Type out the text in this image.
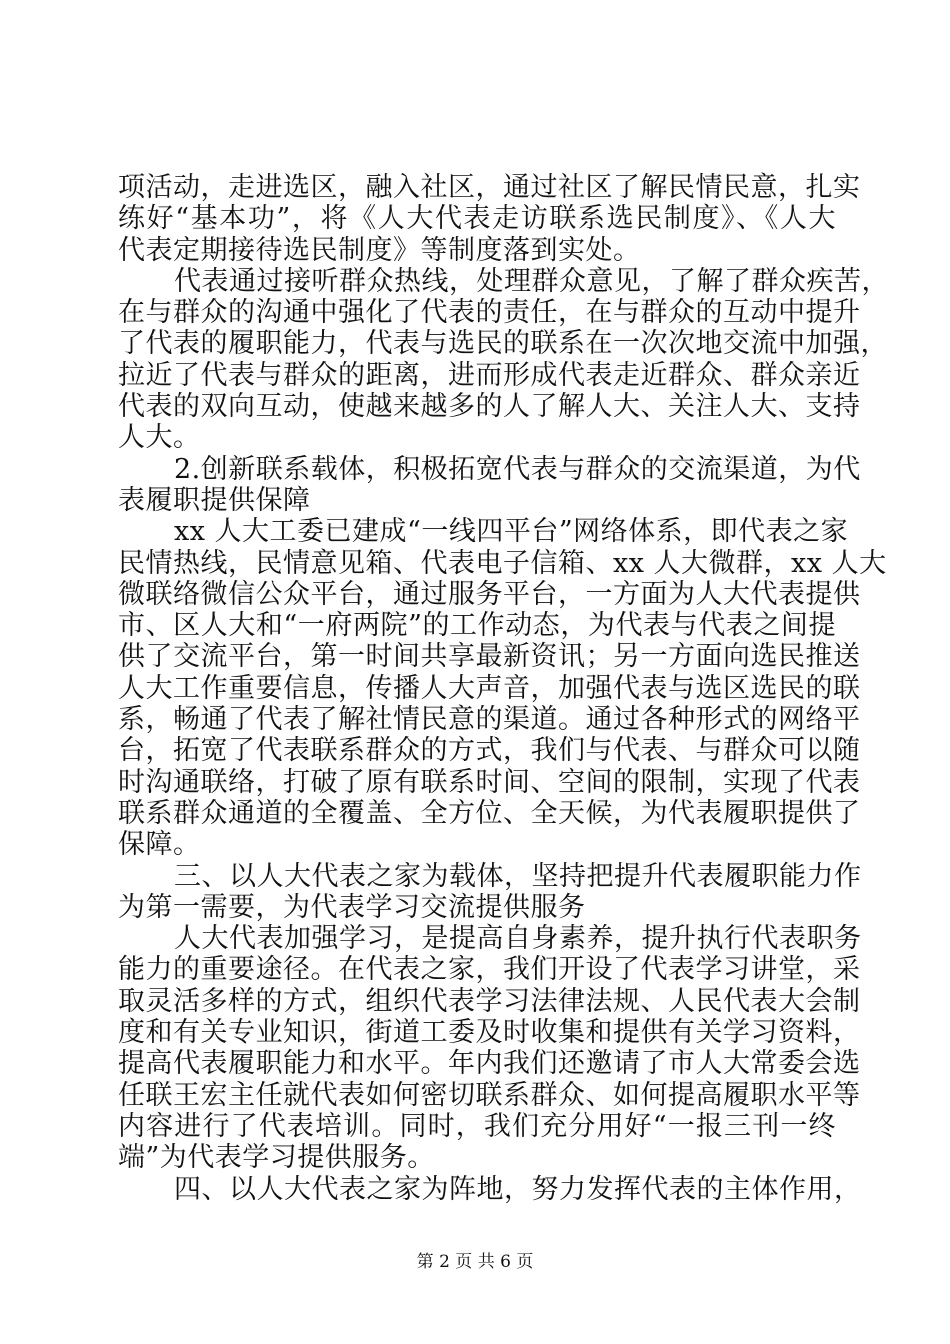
项活动，走进选区，融入社区，通过社区了解民情民意，扎实
练好“基本功”，将《人大代表走访联系选民制度》、《人大
代表定期接待选民制度》等制度落到实处。
代表通过接听群众热线，处理群众意见，了解了群众疾苦，
在与群众的沟通中强化了代表的责任，在与群众的互动中提升
了代表的履职能力，代表与选民的联系在一次次地交流中加强，
拉近了代表与群众的距离，进而形成代表走近群众、群众亲近
代表的双向互动，使越来越多的人了解人大、关注人大、支持
人大。
2.创新联系载体，积极拓宽代表与群众的交流渠道，为代
表履职提供保障
xx 人大工委已建成“一线四平台”网络体系，即代表之家
民情热线，民情意见箱、代表电子信箱、xx 人大微群，xx 人大
微联络微信公众平台，通过服务平台，一方面为人大代表提供
市、区人大和“一府两院”的工作动态，为代表与代表之间提
供了交流平台，第一时间共享最新资讯；另一方面向选民推送
人大工作重要信息，传播人大声音，加强代表与选区选民的联
系，畅通了代表了解社情民意的渠道。通过各种形式的网络平
台，拓宽了代表联系群众的方式，我们与代表、与群众可以随
时沟通联络，打破了原有联系时间、空间的限制，实现了代表
联系群众通道的全覆盖、全方位、全天候，为代表履职提供了
保障。
三、以人大代表之家为载体，坚持把提升代表履职能力作
为第一需要，为代表学习交流提供服务
人大代表加强学习，是提高自身素养，提升执行代表职务
能力的重要途径。在代表之家，我们开设了代表学习讲堂，采
取灵活多样的方式，组织代表学习法律法规、人民代表大会制
度和有关专业知识，街道工委及时收集和提供有关学习资料，
提高代表履职能力和水平。年内我们还邀请了市人大常委会选
任联王宏主任就代表如何密切联系群众、如何提高履职水平等
内容进行了代表培训。同时，我们充分用好“一报三刊一终
端”为代表学习提供服务。
四、以人大代表之家为阵地，努力发挥代表的主体作用，
第 2 页 共 6 页
